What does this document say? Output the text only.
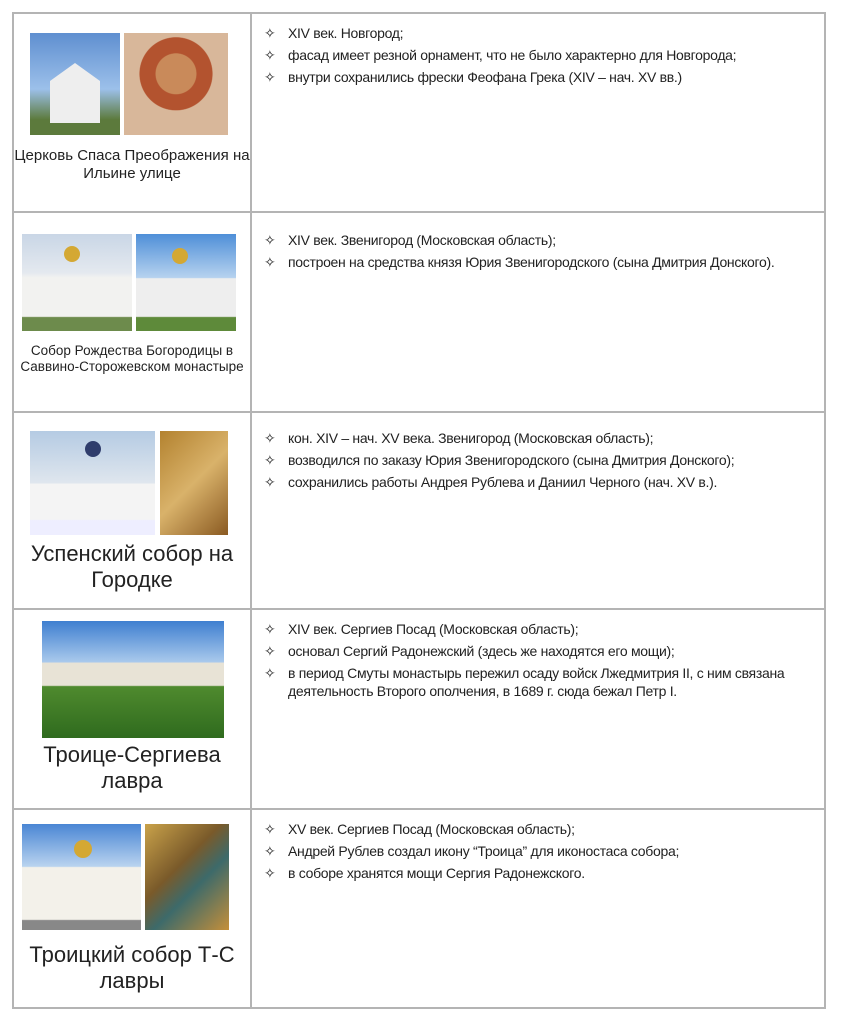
Церковь Спаса Преображения на Ильине улице
✧ XIV век. Новгород;
✧ фасад имеет резной орнамент, что не было характерно для Новгорода;
✧ внутри сохранились фрески Феофана Грека (XIV – нач. XV вв.)
Собор Рождества Богородицы в Саввино-Сторожевском монастыре
✧ XIV век. Звенигород (Московская область);
✧ построен на средства князя Юрия Звенигородского (сына Дмитрия Донского).
Успенский собор на Городке
✧ кон. XIV – нач. XV века. Звенигород (Московская область);
✧ возводился по заказу Юрия Звенигородского (сына Дмитрия Донского);
✧ сохранились работы Андрея Рублева и Даниил Черного (нач. XV в.).
Троице-Сергиева лавра
✧ XIV век. Сергиев Посад (Московская область);
✧ основал Сергий Радонежский (здесь же находятся его мощи);
✧ в период Смуты монастырь пережил осаду войск Лжедмитрия II, с ним связана деятельность Второго ополчения, в 1689 г. сюда бежал Петр I.
Троицкий собор Т-С лавры
✧ XV век. Сергиев Посад (Московская область);
✧ Андрей Рублев создал икону “Троица” для иконостаса собора;
✧ в соборе хранятся мощи Сергия Радонежского.
